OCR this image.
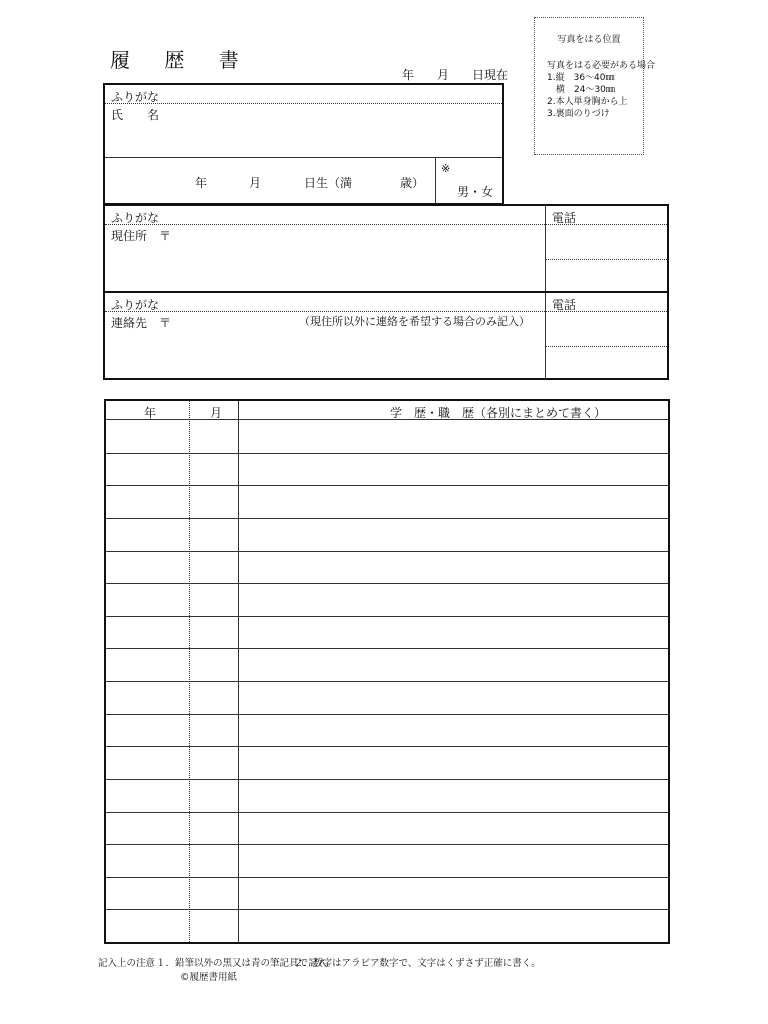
履 歴 書
年 月 日現在
写真をはる位置
写真をはる必要がある場合
1.縦　36～40㎜
　横　24～30㎜
2.本人単身胸から上
3.裏面のりづけ
ふりがな
氏　　名
年	月	日生（満	歳）
※
男・女
ふりがな	電話
現住所　〒
ふりがな	電話
連絡先　〒	（現住所以外に連絡を希望する場合のみ記入）
年	月	学　歴・職　歴（各別にまとめて書く）
記入上の注意 １．鉛筆以外の黒又は青の筆記具で記入。
２．数字はアラビア数字で、文字はくずさず正確に書く。
©履歴書用紙
